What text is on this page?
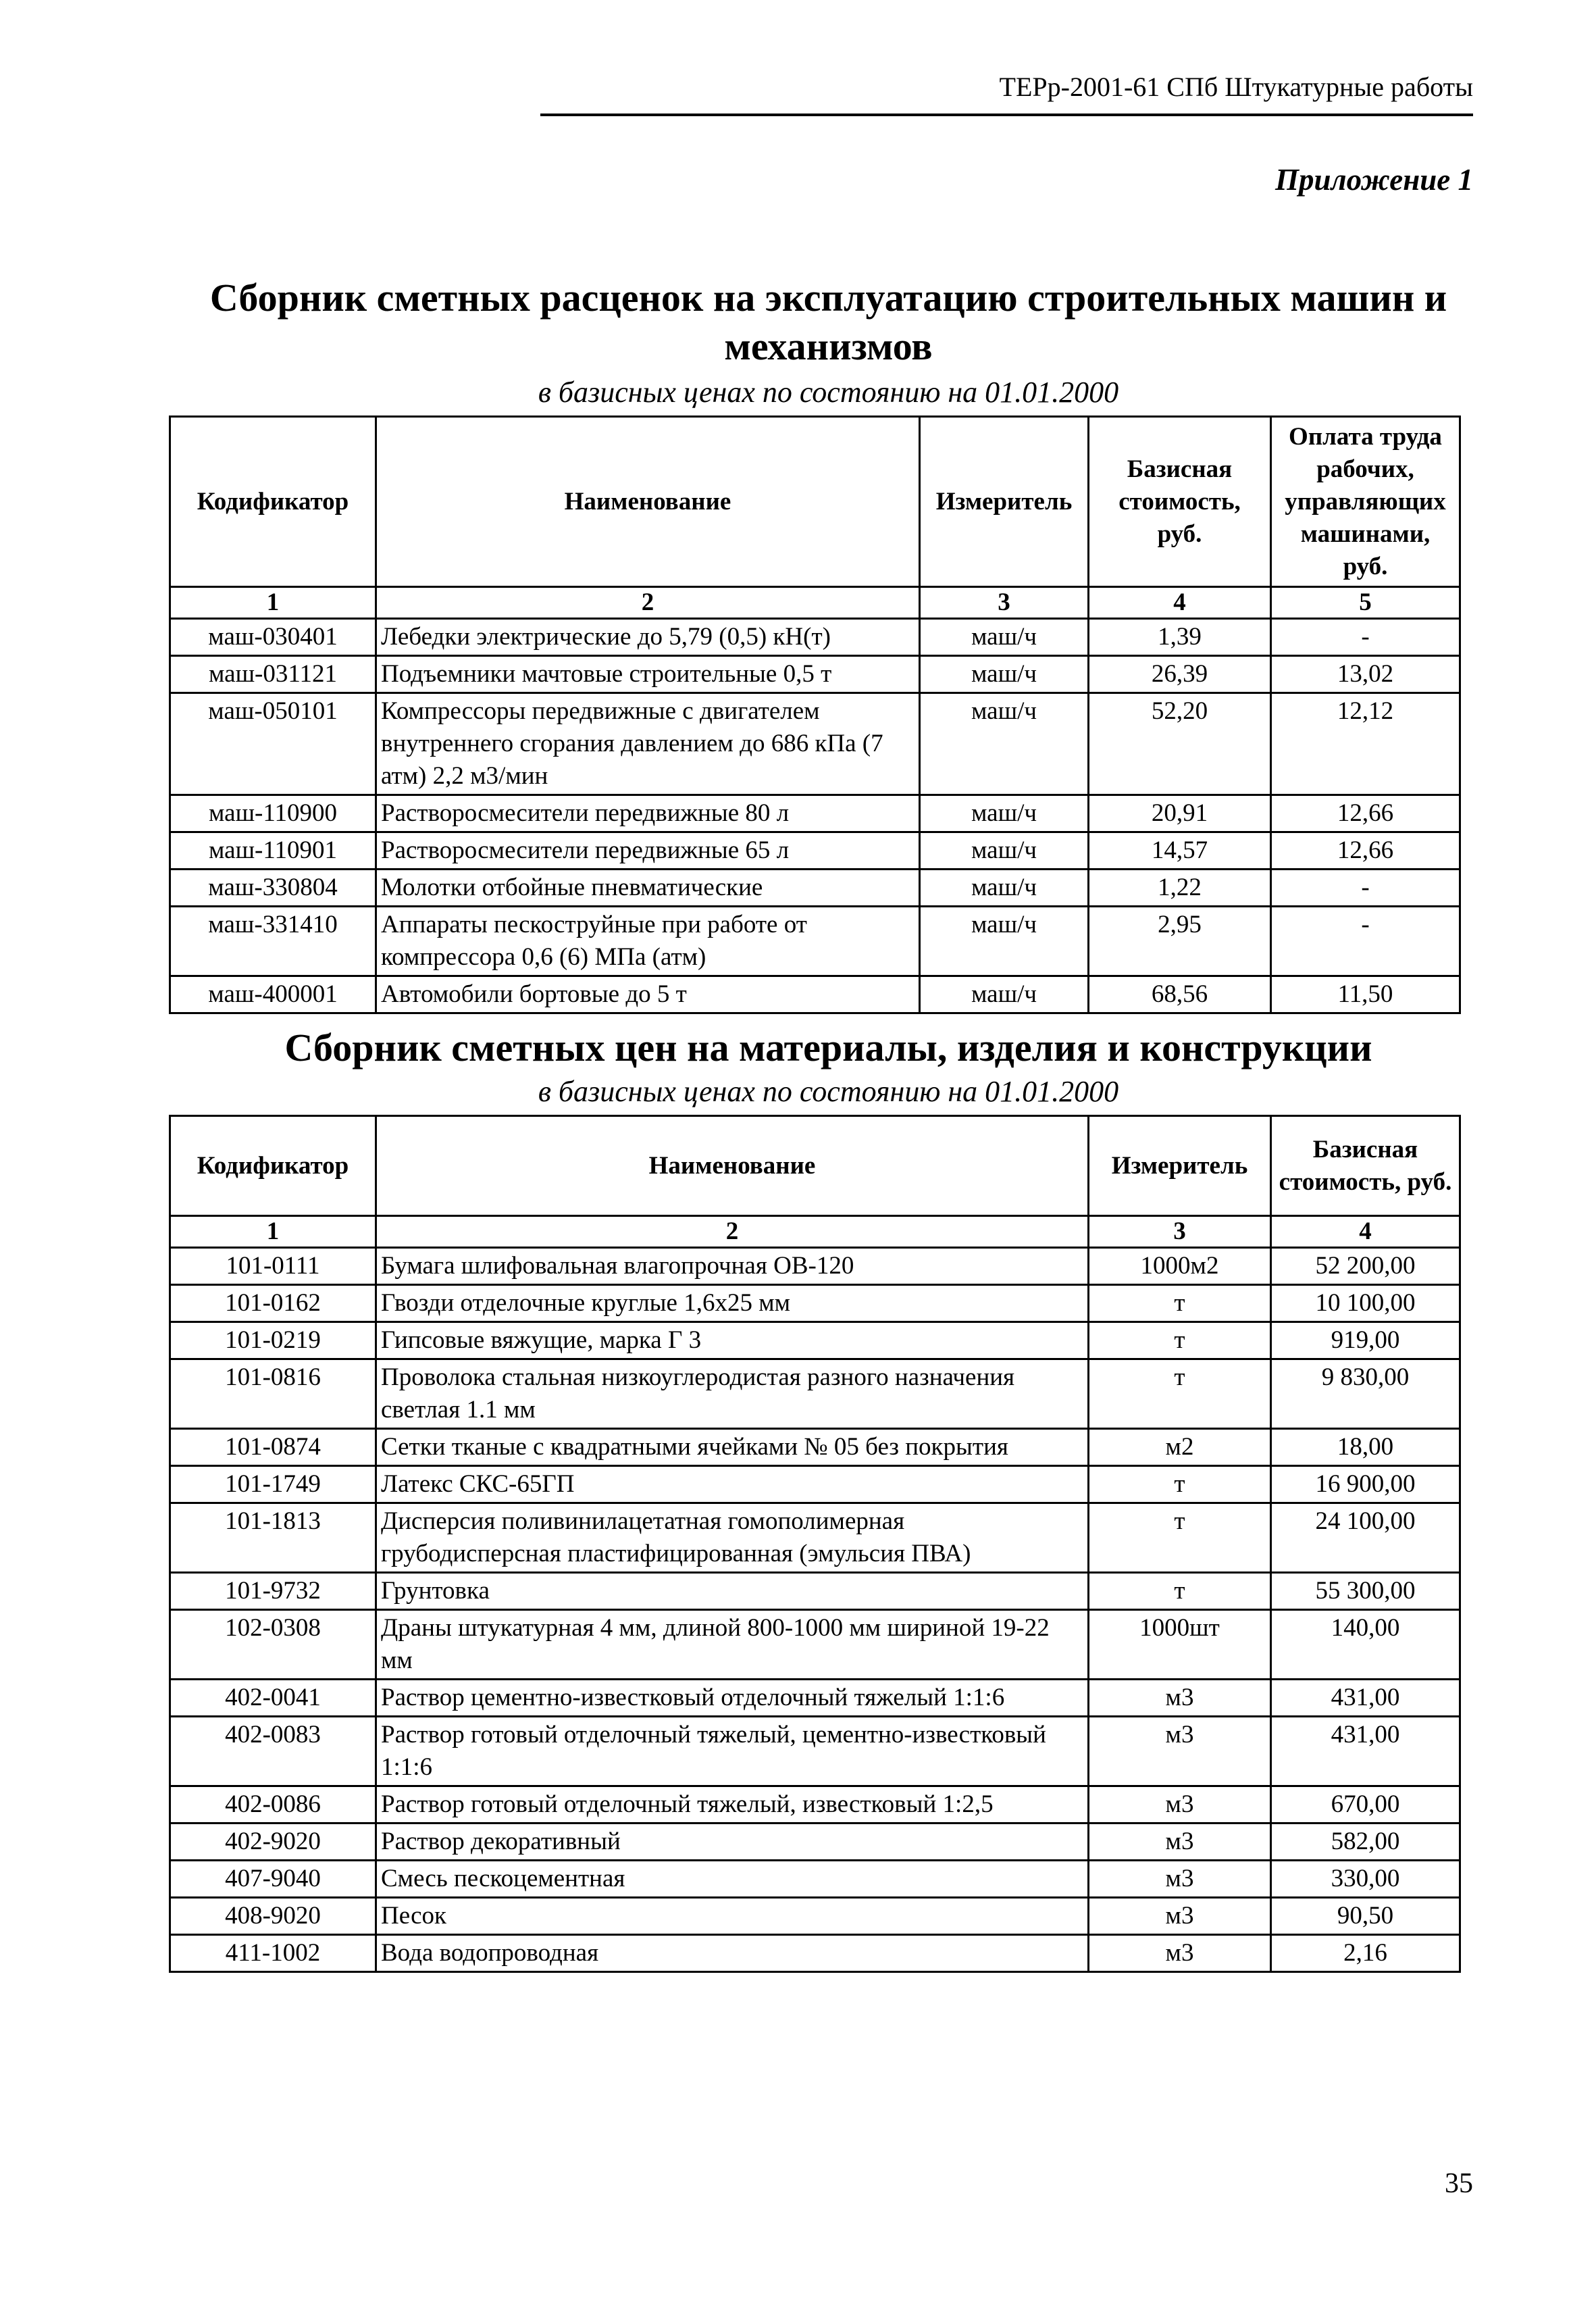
ТЕРр-2001-61 СПб Штукатурные работы
Приложение 1
Сборник сметных расценок на эксплуатацию строительных машин и механизмов
в базисных ценах по состоянию на 01.01.2000
Кодификатор	Наименование	Измеритель	Базисная стоимость, руб.	Оплата труда рабочих, управляющих машинами, руб.
1	2	3	4	5
маш-030401	Лебедки электрические до 5,79 (0,5) кН(т)	маш/ч	1,39	-
маш-031121	Подъемники мачтовые строительные 0,5 т	маш/ч	26,39	13,02
маш-050101	Компрессоры передвижные с двигателем внутреннего сгорания давлением до 686 кПа (7 атм) 2,2 м3/мин	маш/ч	52,20	12,12
маш-110900	Растворосмесители передвижные 80 л	маш/ч	20,91	12,66
маш-110901	Растворосмесители передвижные 65 л	маш/ч	14,57	12,66
маш-330804	Молотки отбойные пневматические	маш/ч	1,22	-
маш-331410	Аппараты пескоструйные при работе от компрессора 0,6 (6) МПа (атм)	маш/ч	2,95	-
маш-400001	Автомобили бортовые до 5 т	маш/ч	68,56	11,50
Сборник сметных цен на материалы, изделия и конструкции
в базисных ценах по состоянию на 01.01.2000
Кодификатор	Наименование	Измеритель	Базисная стоимость, руб.
1	2	3	4
101-0111	Бумага шлифовальная влагопрочная ОВ-120	1000м2	52 200,00
101-0162	Гвозди отделочные круглые 1,6х25 мм	т	10 100,00
101-0219	Гипсовые вяжущие, марка Г 3	т	919,00
101-0816	Проволока стальная низкоуглеродистая разного назначения светлая 1.1 мм	т	9 830,00
101-0874	Сетки тканые с квадратными ячейками № 05 без покрытия	м2	18,00
101-1749	Латекс СКС-65ГП	т	16 900,00
101-1813	Дисперсия поливинилацетатная гомополимерная грубодисперсная пластифицированная (эмульсия ПВА)	т	24 100,00
101-9732	Грунтовка	т	55 300,00
102-0308	Драны штукатурная 4 мм, длиной 800-1000 мм шириной 19-22 мм	1000шт	140,00
402-0041	Раствор цементно-известковый отделочный тяжелый 1:1:6	м3	431,00
402-0083	Раствор готовый отделочный тяжелый, цементно-известковый 1:1:6	м3	431,00
402-0086	Раствор готовый отделочный тяжелый, известковый 1:2,5	м3	670,00
402-9020	Раствор декоративный	м3	582,00
407-9040	Смесь пескоцементная	м3	330,00
408-9020	Песок	м3	90,50
411-1002	Вода водопроводная	м3	2,16
35
